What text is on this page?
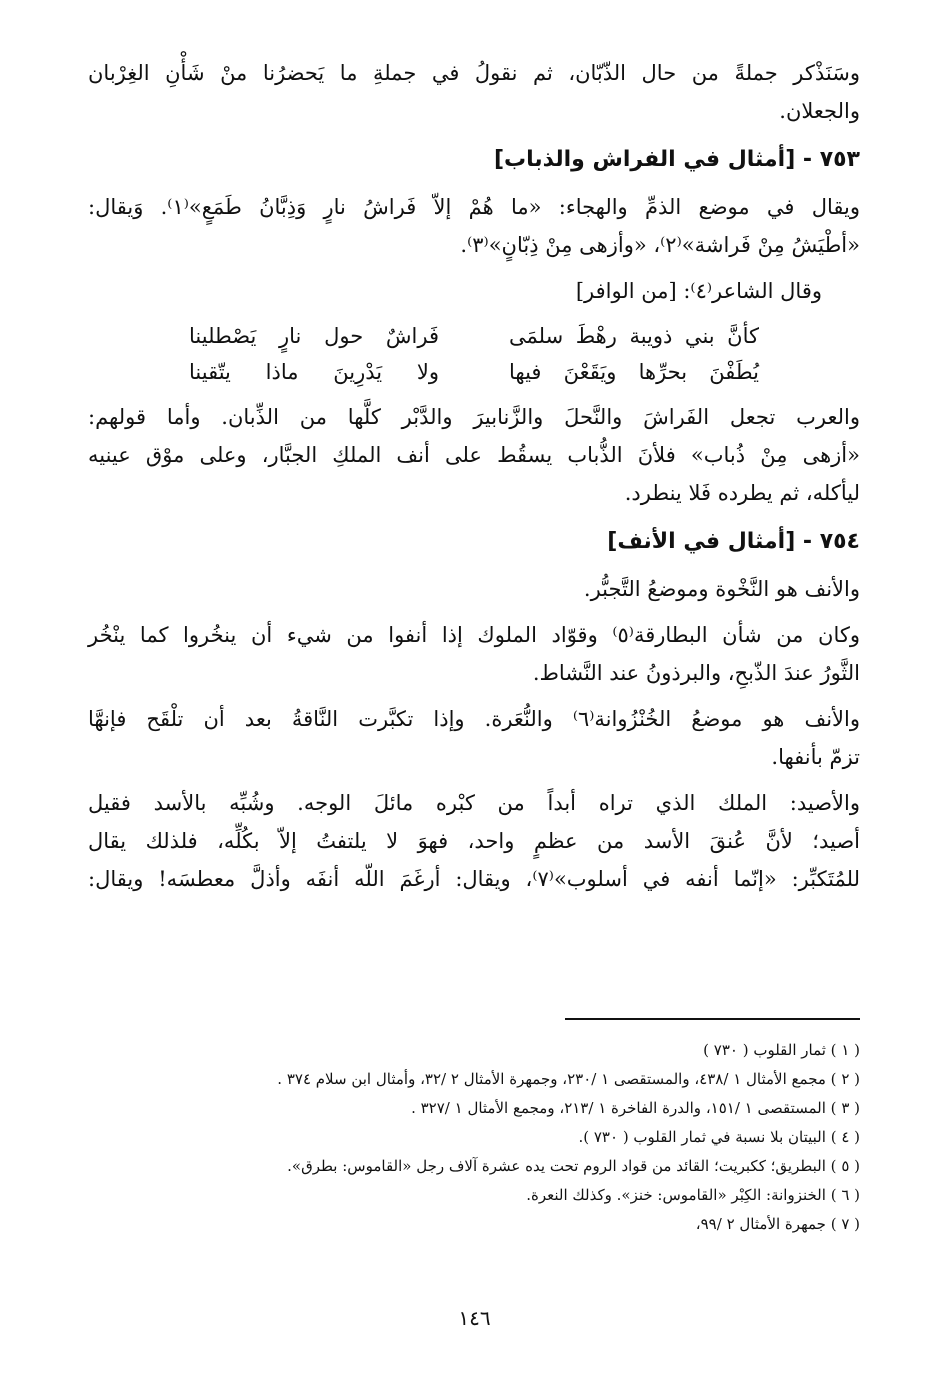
وسَنَذْكر جملةً من حال الذّبّان، ثم نقولُ في جملةِ ما يَحضرُنا منْ شَأْنِ الغِرْبان
والجعلان.

٧٥٣ - [أمثال في الفراش والذباب]

ويقال في موضع الذمِّ والهجاء: «ما هُمْ إلاّ فَراشُ نارٍ وَذِبَّانُ طَمَعٍ»⁽١⁾. وَيقال:
«أطْيَشُ مِنْ فَراشة»⁽٢⁾، «وأزهى مِنْ ذِبّانٍ»⁽٣⁾.

وقال الشاعر⁽٤⁾: [من الوافر]

كأنَّ بني ذويبة رهْطَ سلمَى
فَراشٌ حول نارٍ يَصْطلينا
يُطَفْنَ بحرِّها ويَقَعْنَ فيها
ولا يَدْرِينَ ماذا يتّقينا

والعرب تجعل الفَراشَ والنَّحلَ والزَّنابيرَ والدَّبْر كلَّها من الذِّبان. وأما قولهم:
«أزهى مِنْ ذُباب» فلأنَ الذُّباب يسقُط على أنف الملكِ الجبَّار، وعلى موْق عينيه
ليأكله، ثم يطرده فَلا ينطرد.

٧٥٤ - [أمثال في الأنف]

والأنف هو النَّخْوة وموضعُ التَّجبُّر.

وكان من شأن البطارقة⁽٥⁾ وقوّاد الملوك إذا أنفوا من شيء أن ينخُروا كما ينْخُر
الثَّورُ عندَ الذّبحِ، والبرذونُ عند النَّشاط.

والأنف هو موضعُ الخُنْزُوانة⁽٦⁾ والنُّعَرة. وإذا تكبَّرت النَّاقةُ بعد أن تلْقَح فإنهَّا
تزمّ بأنفها.

والأصيد: الملك الذي تراه أبداً من كبْره مائلَ الوجه. وشُبِّه بالأسد فقيل
أصيد؛ لأنَّ عُنقَ الأسد من عظمٍ واحد، فهوَ لا يلتفتُ إلاّ بكُلِّه، فلذلك يقال
للمُتَكبِّر: «إنّما أنفه في أسلوب»⁽٧⁾، ويقال: أرغَمَ اللّه أنفَه وأذلَّ معطسَه! ويقال:

( ١ ) ثمار القلوب ( ٧٣٠ )
( ٢ ) مجمع الأمثال ١ /٤٣٨، والمستقصى ١ /٢٣٠، وجمهرة الأمثال ٢ /٣٢، وأمثال ابن سلام ٣٧٤ .
( ٣ ) المستقصى ١ /١٥١، والدرة الفاخرة ١ /٢١٣، ومجمع الأمثال ١ /٣٢٧ .
( ٤ ) البيتان بلا نسبة في ثمار القلوب ( ٧٣٠ ).
( ٥ ) البطريق؛ ككبريت؛ القائد من قواد الروم تحت يده عشرة آلاف رجل «القاموس: بطرق».
( ٦ ) الخنزوانة: الكِبْر «القاموس: خنز». وكذلك النعرة.
( ٧ ) جمهرة الأمثال ٢ /٩٩،
١٤٦
